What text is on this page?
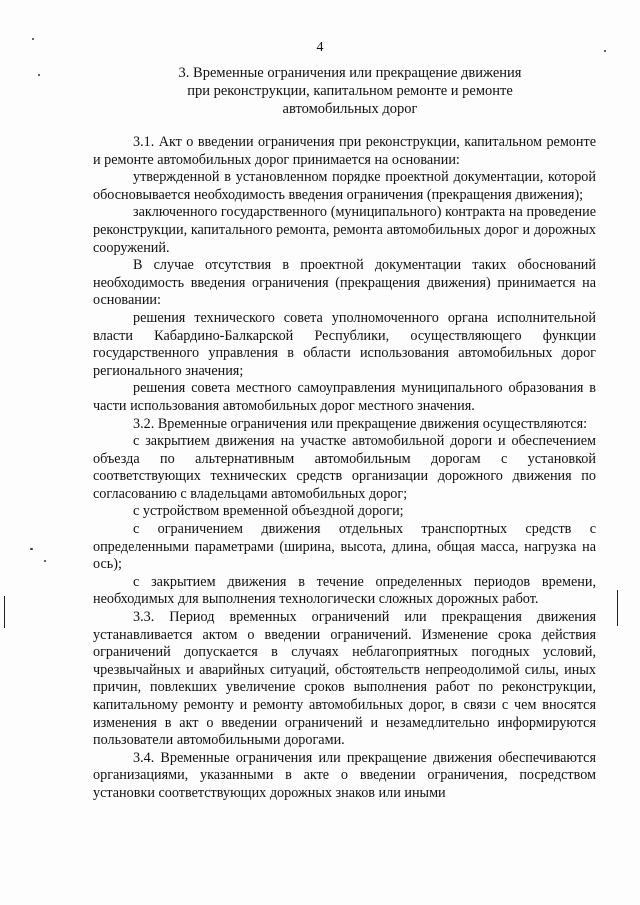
4
3. Временные ограничения или прекращение движения
при реконструкции, капитальном ремонте и ремонте
автомобильных дорог

3.1. Акт о введении ограничения при реконструкции, капитальном ремонте и ремонте автомобильных дорог принимается на основании:

утвержденной в установленном порядке проектной документации, которой обосновывается необходимость введения ограничения (прекращения движения);

заключенного государственного (муниципального) контракта на проведение реконструкции, капитального ремонта, ремонта автомобильных дорог и дорожных сооружений.

В случае отсутствия в проектной документации таких обоснований необходимость введения ограничения (прекращения движения) принимается на основании:

решения технического совета уполномоченного органа исполнительной власти Кабардино-Балкарской Республики, осуществляющего функции государственного управления в области использования автомобильных дорог регионального значения;

решения совета местного самоуправления муниципального образования в части использования автомобильных дорог местного значения.

3.2. Временные ограничения или прекращение движения осуществляются:

с закрытием движения на участке автомобильной дороги и обеспечением объезда по альтернативным автомобильным дорогам с установкой соответствующих технических средств организации дорожного движения по согласованию с владельцами автомобильных дорог;

с устройством временной объездной дороги;

с ограничением движения отдельных транспортных средств с определенными параметрами (ширина, высота, длина, общая масса, нагрузка на ось);

с закрытием движения в течение определенных периодов времени, необходимых для выполнения технологически сложных дорожных работ.

3.3. Период временных ограничений или прекращения движения устанавливается актом о введении ограничений. Изменение срока действия ограничений допускается в случаях неблагоприятных погодных условий, чрезвычайных и аварийных ситуаций, обстоятельств непреодолимой силы, иных причин, повлекших увеличение сроков выполнения работ по реконструкции, капитальному ремонту и ремонту автомобильных дорог, в связи с чем вносятся изменения в акт о введении ограничений и незамедлительно информируются пользователи автомобильными дорогами.

3.4. Временные ограничения или прекращение движения обеспечиваются организациями, указанными в акте о введении ограничения, посредством установки соответствующих дорожных знаков или иными
